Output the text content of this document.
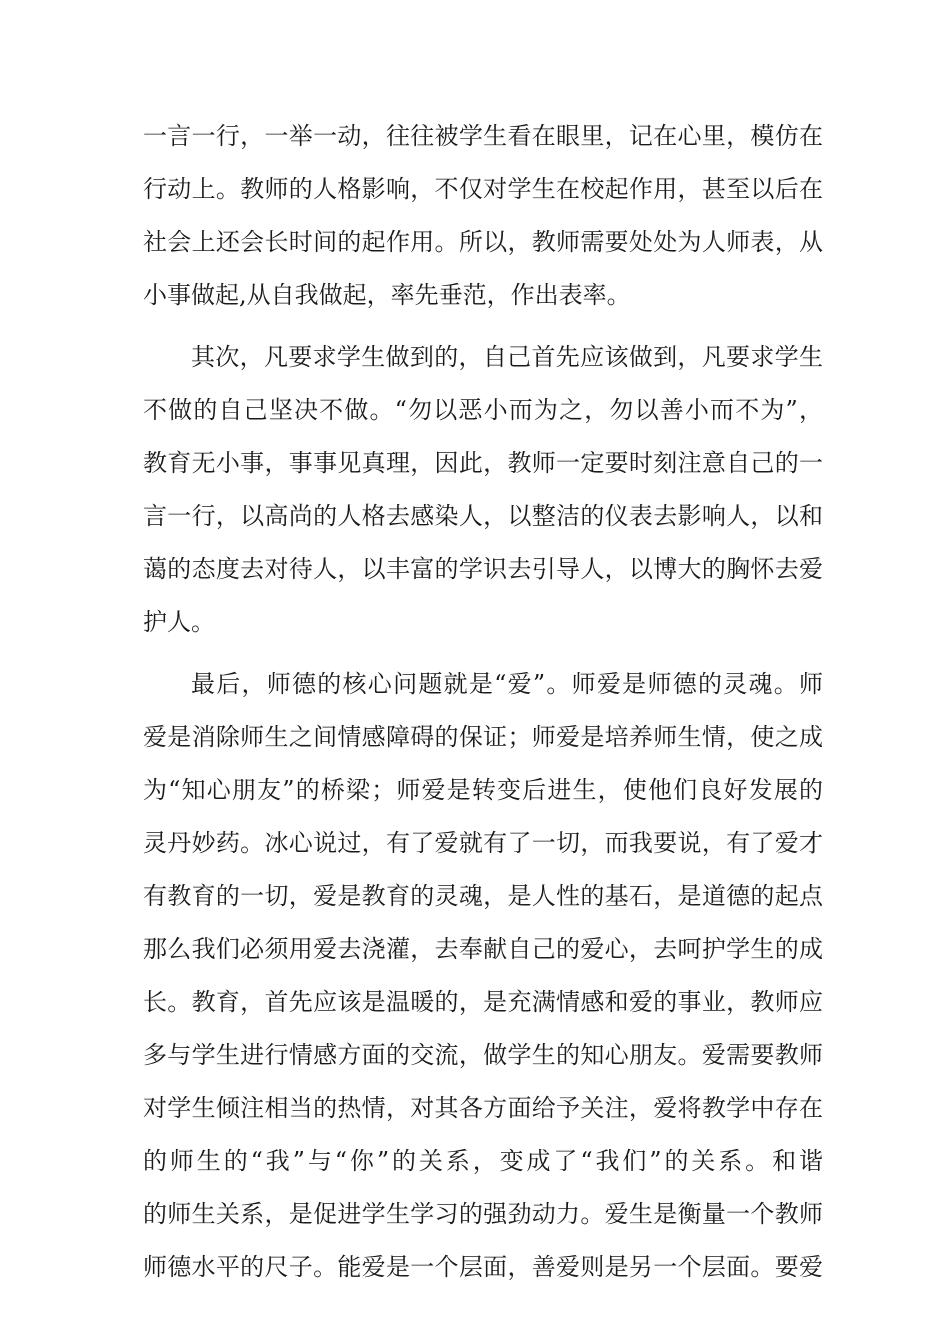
一言一行，一举一动，往往被学生看在眼里，记在心里，模仿在
行动上。教师的人格影响，不仅对学生在校起作用，甚至以后在
社会上还会长时间的起作用。所以，教师需要处处为人师表，从
小事做起,从自我做起，率先垂范，作出表率。
其次，凡要求学生做到的，自己首先应该做到，凡要求学生
不做的自己坚决不做。“勿以恶小而为之，勿以善小而不为”，
教育无小事，事事见真理，因此，教师一定要时刻注意自己的一
言一行，以高尚的人格去感染人，以整洁的仪表去影响人，以和
蔼的态度去对待人，以丰富的学识去引导人，以博大的胸怀去爱
护人。
最后，师德的核心问题就是“爱”。师爱是师德的灵魂。师
爱是消除师生之间情感障碍的保证；师爱是培养师生情，使之成
为“知心朋友”的桥梁；师爱是转变后进生，使他们良好发展的
灵丹妙药。冰心说过，有了爱就有了一切，而我要说，有了爱才
有教育的一切，爱是教育的灵魂，是人性的基石，是道德的起点
那么我们必须用爱去浇灌，去奉献自己的爱心，去呵护学生的成
长。教育，首先应该是温暖的，是充满情感和爱的事业，教师应
多与学生进行情感方面的交流，做学生的知心朋友。爱需要教师
对学生倾注相当的热情，对其各方面给予关注，爱将教学中存在
的师生的“我”与“你”的关系，变成了“我们”的关系。和谐
的师生关系，是促进学生学习的强劲动力。爱生是衡量一个教师
师德水平的尺子。能爱是一个层面，善爱则是另一个层面。要爱
